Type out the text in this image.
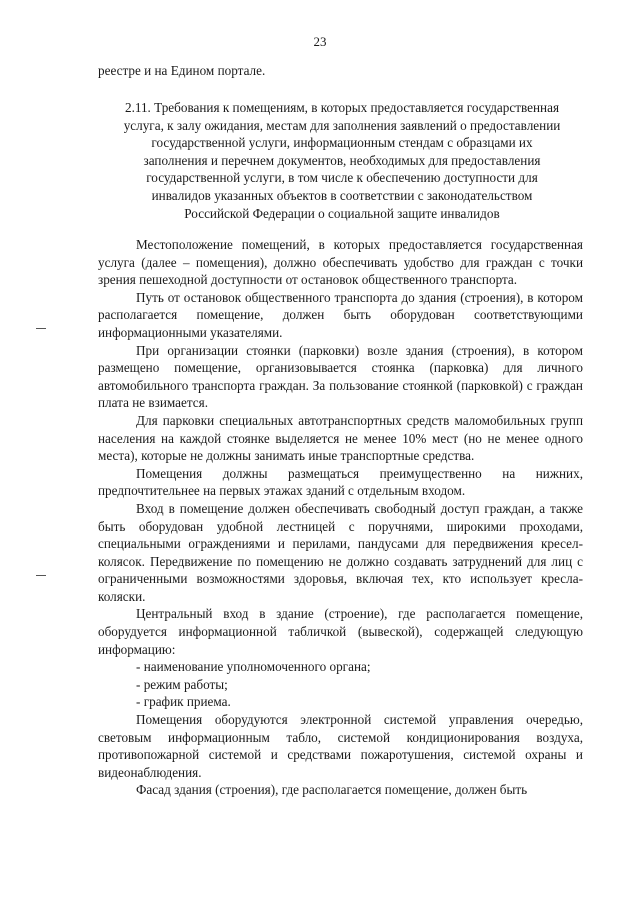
23

реестре и на Едином портале.

2.11. Требования к помещениям, в которых предоставляется государственная услуга, к залу ожидания, местам для заполнения заявлений о предоставлении государственной услуги, информационным стендам с образцами их заполнения и перечнем документов, необходимых для предоставления государственной услуги, в том числе к обеспечению доступности для инвалидов указанных объектов в соответствии с законодательством Российской Федерации о социальной защите инвалидов

Местоположение помещений, в которых предоставляется государственная услуга (далее – помещения), должно обеспечивать удобство для граждан с точки зрения пешеходной доступности от остановок общественного транспорта.

Путь от остановок общественного транспорта до здания (строения), в котором располагается помещение, должен быть оборудован соответствующими информационными указателями.

При организации стоянки (парковки) возле здания (строения), в котором размещено помещение, организовывается стоянка (парковка) для личного автомобильного транспорта граждан. За пользование стоянкой (парковкой) с граждан плата не взимается.

Для парковки специальных автотранспортных средств маломобильных групп населения на каждой стоянке выделяется не менее 10% мест (но не менее одного места), которые не должны занимать иные транспортные средства.

Помещения должны размещаться преимущественно на нижних, предпочтительнее на первых этажах зданий с отдельным входом.

Вход в помещение должен обеспечивать свободный доступ граждан, а также быть оборудован удобной лестницей с поручнями, широкими проходами, специальными ограждениями и перилами, пандусами для передвижения кресел-колясок. Передвижение по помещению не должно создавать затруднений для лиц с ограниченными возможностями здоровья, включая тех, кто использует кресла-коляски.

Центральный вход в здание (строение), где располагается помещение, оборудуется информационной табличкой (вывеской), содержащей следующую информацию:

- наименование уполномоченного органа;

- режим работы;

- график приема.

Помещения оборудуются электронной системой управления очередью, световым информационным табло, системой кондиционирования воздуха, противопожарной системой и средствами пожаротушения, системой охраны и видеонаблюдения.

Фасад здания (строения), где располагается помещение, должен быть
